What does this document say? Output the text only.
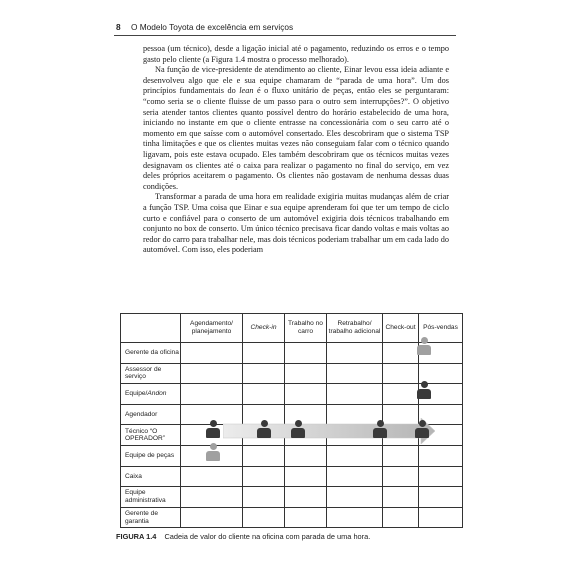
8 O Modelo Toyota de excelência em serviços

pessoa (um técnico), desde a ligação inicial até o pagamento, reduzindo os erros e o tempo gasto pelo cliente (a Figura 1.4 mostra o processo melhorado).

Na função de vice-presidente de atendimento ao cliente, Einar levou essa ideia adiante e desenvolveu algo que ele e sua equipe chamaram de “parada de uma hora”. Um dos princípios fundamentais do lean é o fluxo unitário de peças, então eles se perguntaram: “como seria se o cliente fluisse de um passo para o outro sem interrupções?”. O objetivo seria atender tantos clientes quanto possível dentro do horário estabelecido de uma hora, iniciando no instante em que o cliente entrasse na concessionária com o seu carro até o momento em que saísse com o automóvel consertado. Eles descobriram que o sistema TSP tinha limitações e que os clientes muitas vezes não conseguiam falar com o técnico quando ligavam, pois este estava ocupado. Eles também descobriram que os técnicos muitas vezes designavam os clientes até o caixa para realizar o pagamento no final do serviço, em vez deles próprios aceitarem o pagamento. Os clientes não gostavam de nenhuma dessas duas condições.

Transformar a parada de uma hora em realidade exigiria muitas mudanças além de criar a função TSP. Uma coisa que Einar e sua equipe aprenderam foi que ter um tempo de ciclo curto e confiável para o conserto de um automóvel exigiria dois técnicos trabalhando em conjunto no box de conserto. Um único técnico precisava ficar dando voltas e mais voltas ao redor do carro para trabalhar nele, mas dois técnicos poderiam trabalhar um em cada lado do automóvel. Com isso, eles poderiam

	Agendamento/ planejamento	Check-in	Trabalho no carro	Retrabalho/ trabalho adicional	Check-out	Pós-vendas
Gerente da oficina						
Assessor de serviço						
Equipe/Andon						
Agendador						
Técnico “O OPERADOR”						
Equipe de peças						
Caixa						
Equipe administrativa						
Gerente de garantia						
FIGURA 1.4 Cadeia de valor do cliente na oficina com parada de uma hora.
